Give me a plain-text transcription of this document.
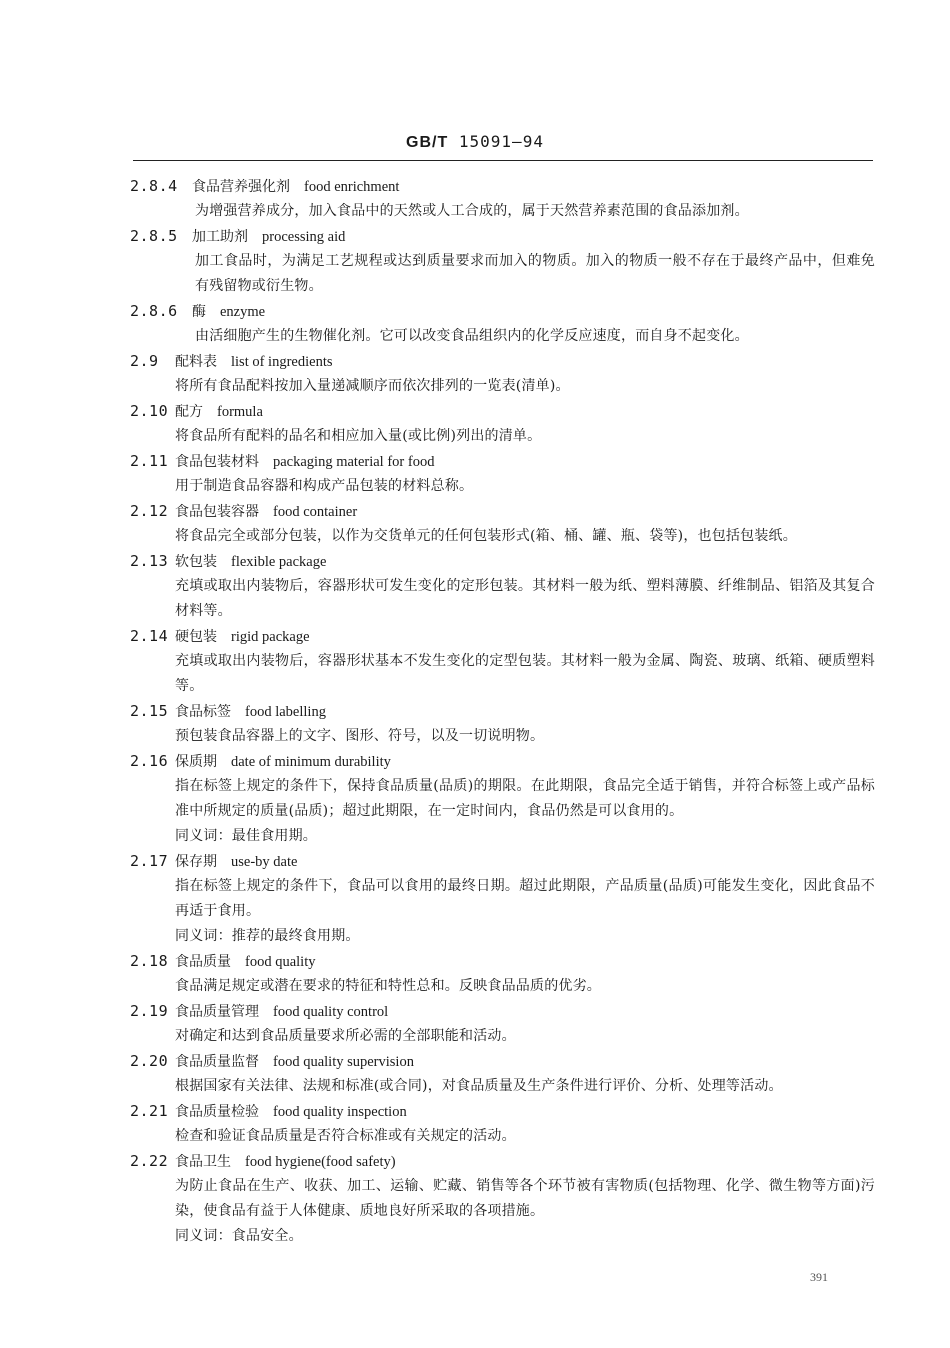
GB/T 15091—94
2.8.4 食品营养强化剂 food enrichment
为增强营养成分，加入食品中的天然或人工合成的，属于天然营养素范围的食品添加剂。
2.8.5 加工助剂 processing aid
加工食品时，为满足工艺规程或达到质量要求而加入的物质。加入的物质一般不存在于最终产品中，但难免有残留物或衍生物。
2.8.6 酶 enzyme
由活细胞产生的生物催化剂。它可以改变食品组织内的化学反应速度，而自身不起变化。
2.9 配料表 list of ingredients
将所有食品配料按加入量递减顺序而依次排列的一览表(清单)。
2.10 配方 formula
将食品所有配料的品名和相应加入量(或比例)列出的清单。
2.11 食品包装材料 packaging material for food
用于制造食品容器和构成产品包装的材料总称。
2.12 食品包装容器 food container
将食品完全或部分包装，以作为交货单元的任何包装形式(箱、桶、罐、瓶、袋等)，也包括包装纸。
2.13 软包装 flexible package
充填或取出内装物后，容器形状可发生变化的定形包装。其材料一般为纸、塑料薄膜、纤维制品、铝箔及其复合材料等。
2.14 硬包装 rigid package
充填或取出内装物后，容器形状基本不发生变化的定型包装。其材料一般为金属、陶瓷、玻璃、纸箱、硬质塑料等。
2.15 食品标签 food labelling
预包装食品容器上的文字、图形、符号，以及一切说明物。
2.16 保质期 date of minimum durability
指在标签上规定的条件下，保持食品质量(品质)的期限。在此期限，食品完全适于销售，并符合标签上或产品标准中所规定的质量(品质)；超过此期限，在一定时间内，食品仍然是可以食用的。
同义词：最佳食用期。
2.17 保存期 use-by date
指在标签上规定的条件下，食品可以食用的最终日期。超过此期限，产品质量(品质)可能发生变化，因此食品不再适于食用。
同义词：推荐的最终食用期。
2.18 食品质量 food quality
食品满足规定或潜在要求的特征和特性总和。反映食品品质的优劣。
2.19 食品质量管理 food quality control
对确定和达到食品质量要求所必需的全部职能和活动。
2.20 食品质量监督 food quality supervision
根据国家有关法律、法规和标准(或合同)，对食品质量及生产条件进行评价、分析、处理等活动。
2.21 食品质量检验 food quality inspection
检查和验证食品质量是否符合标准或有关规定的活动。
2.22 食品卫生 food hygiene(food safety)
为防止食品在生产、收获、加工、运输、贮藏、销售等各个环节被有害物质(包括物理、化学、微生物等方面)污染，使食品有益于人体健康、质地良好所采取的各项措施。
同义词：食品安全。
391
